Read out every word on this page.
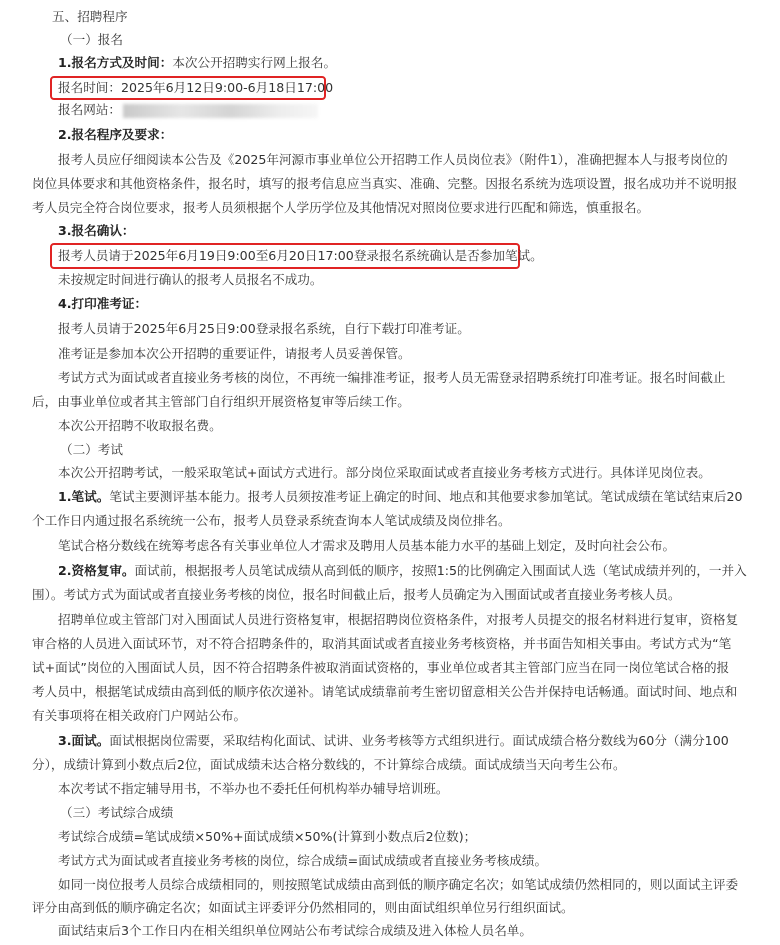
五、招聘程序
（一）报名
1.报名方式及时间：本次公开招聘实行网上报名。
报名时间：2025年6月12日9:00-6月18日17:00
报名网站：
2.报名程序及要求：
报考人员应仔细阅读本公告及《2025年河源市事业单位公开招聘工作人员岗位表》（附件1），准确把握本人与报考岗位的
岗位具体要求和其他资格条件，报名时，填写的报考信息应当真实、准确、完整。因报名系统为选项设置，报名成功并不说明报
考人员完全符合岗位要求，报考人员须根据个人学历学位及其他情况对照岗位要求进行匹配和筛选，慎重报名。
3.报名确认：
报考人员请于2025年6月19日9:00至6月20日17:00登录报名系统确认是否参加笔试。
未按规定时间进行确认的报考人员报名不成功。
4.打印准考证：
报考人员请于2025年6月25日9:00登录报名系统，自行下载打印准考证。
准考证是参加本次公开招聘的重要证件，请报考人员妥善保管。
考试方式为面试或者直接业务考核的岗位，不再统一编排准考证，报考人员无需登录招聘系统打印准考证。报名时间截止
后，由事业单位或者其主管部门自行组织开展资格复审等后续工作。
本次公开招聘不收取报名费。
（二）考试
本次公开招聘考试，一般采取笔试+面试方式进行。部分岗位采取面试或者直接业务考核方式进行。具体详见岗位表。
1.笔试。笔试主要测评基本能力。报考人员须按准考证上确定的时间、地点和其他要求参加笔试。笔试成绩在笔试结束后20
个工作日内通过报名系统统一公布，报考人员登录系统查询本人笔试成绩及岗位排名。
笔试合格分数线在统筹考虑各有关事业单位人才需求及聘用人员基本能力水平的基础上划定，及时向社会公布。
2.资格复审。面试前，根据报考人员笔试成绩从高到低的顺序，按照1:5的比例确定入围面试人选（笔试成绩并列的，一并入
围）。考试方式为面试或者直接业务考核的岗位，报名时间截止后，报考人员确定为入围面试或者直接业务考核人员。
招聘单位或主管部门对入围面试人员进行资格复审，根据招聘岗位资格条件，对报考人员提交的报名材料进行复审，资格复
审合格的人员进入面试环节，对不符合招聘条件的，取消其面试或者直接业务考核资格，并书面告知相关事由。考试方式为“笔
试+面试”岗位的入围面试人员，因不符合招聘条件被取消面试资格的，事业单位或者其主管部门应当在同一岗位笔试合格的报
考人员中，根据笔试成绩由高到低的顺序依次递补。请笔试成绩靠前考生密切留意相关公告并保持电话畅通。面试时间、地点和
有关事项将在相关政府门户网站公布。
3.面试。面试根据岗位需要，采取结构化面试、试讲、业务考核等方式组织进行。面试成绩合格分数线为60分（满分100
分），成绩计算到小数点后2位，面试成绩未达合格分数线的，不计算综合成绩。面试成绩当天向考生公布。
本次考试不指定辅导用书，不举办也不委托任何机构举办辅导培训班。
（三）考试综合成绩
考试综合成绩=笔试成绩×50%+面试成绩×50%(计算到小数点后2位数)；
考试方式为面试或者直接业务考核的岗位，综合成绩=面试成绩或者直接业务考核成绩。
如同一岗位报考人员综合成绩相同的，则按照笔试成绩由高到低的顺序确定名次；如笔试成绩仍然相同的，则以面试主评委
评分由高到低的顺序确定名次；如面试主评委评分仍然相同的，则由面试组织单位另行组织面试。
面试结束后3个工作日内在相关组织单位网站公布考试综合成绩及进入体检人员名单。
